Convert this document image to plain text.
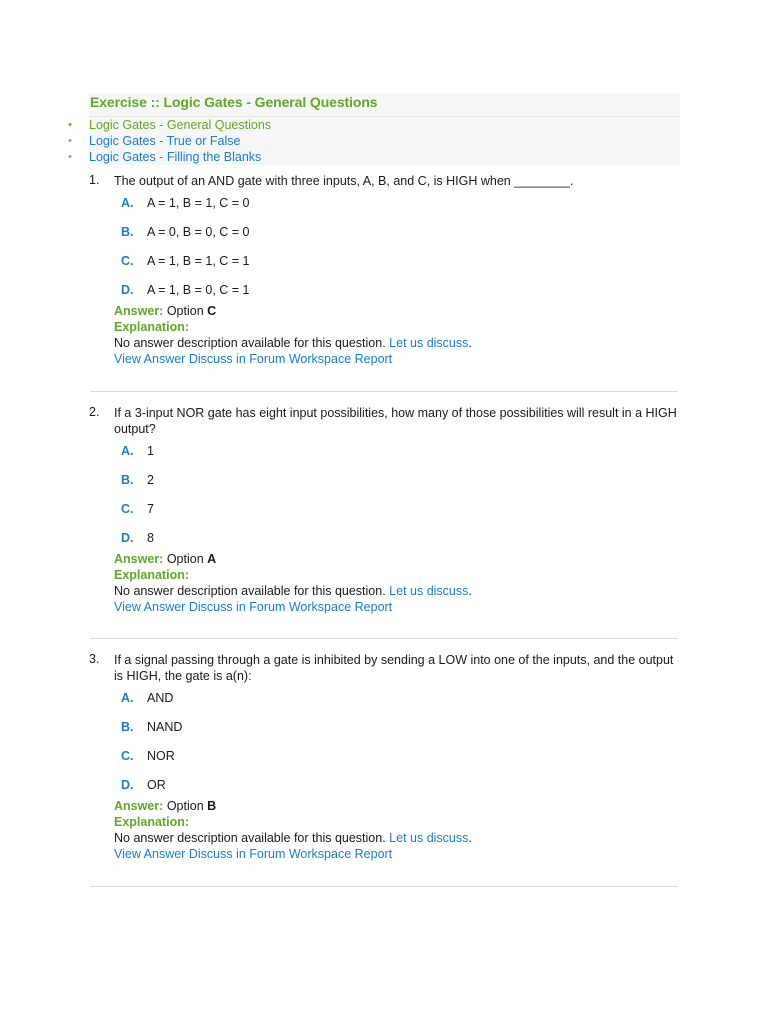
Exercise :: Logic Gates - General Questions
• Logic Gates - General Questions
• Logic Gates - True or False
• Logic Gates - Filling the Blanks
1.	The output of an AND gate with three inputs, A, B, and C, is HIGH when ________.
A. A = 1, B = 1, C = 0
B. A = 0, B = 0, C = 0
C. A = 1, B = 1, C = 1
D. A = 1, B = 0, C = 1
Answer: Option C
Explanation:
No answer description available for this question. Let us discuss.
View Answer Discuss in Forum Workspace Report
2.	If a 3-input NOR gate has eight input possibilities, how many of those possibilities will result in a HIGH output?
A. 1
B. 2
C. 7
D. 8
Answer: Option A
Explanation:
No answer description available for this question. Let us discuss.
View Answer Discuss in Forum Workspace Report
3.	If a signal passing through a gate is inhibited by sending a LOW into one of the inputs, and the output is HIGH, the gate is a(n):
A. AND
B. NAND
C. NOR
D. OR
Answer: Option B
Explanation:
No answer description available for this question. Let us discuss.
View Answer Discuss in Forum Workspace Report
